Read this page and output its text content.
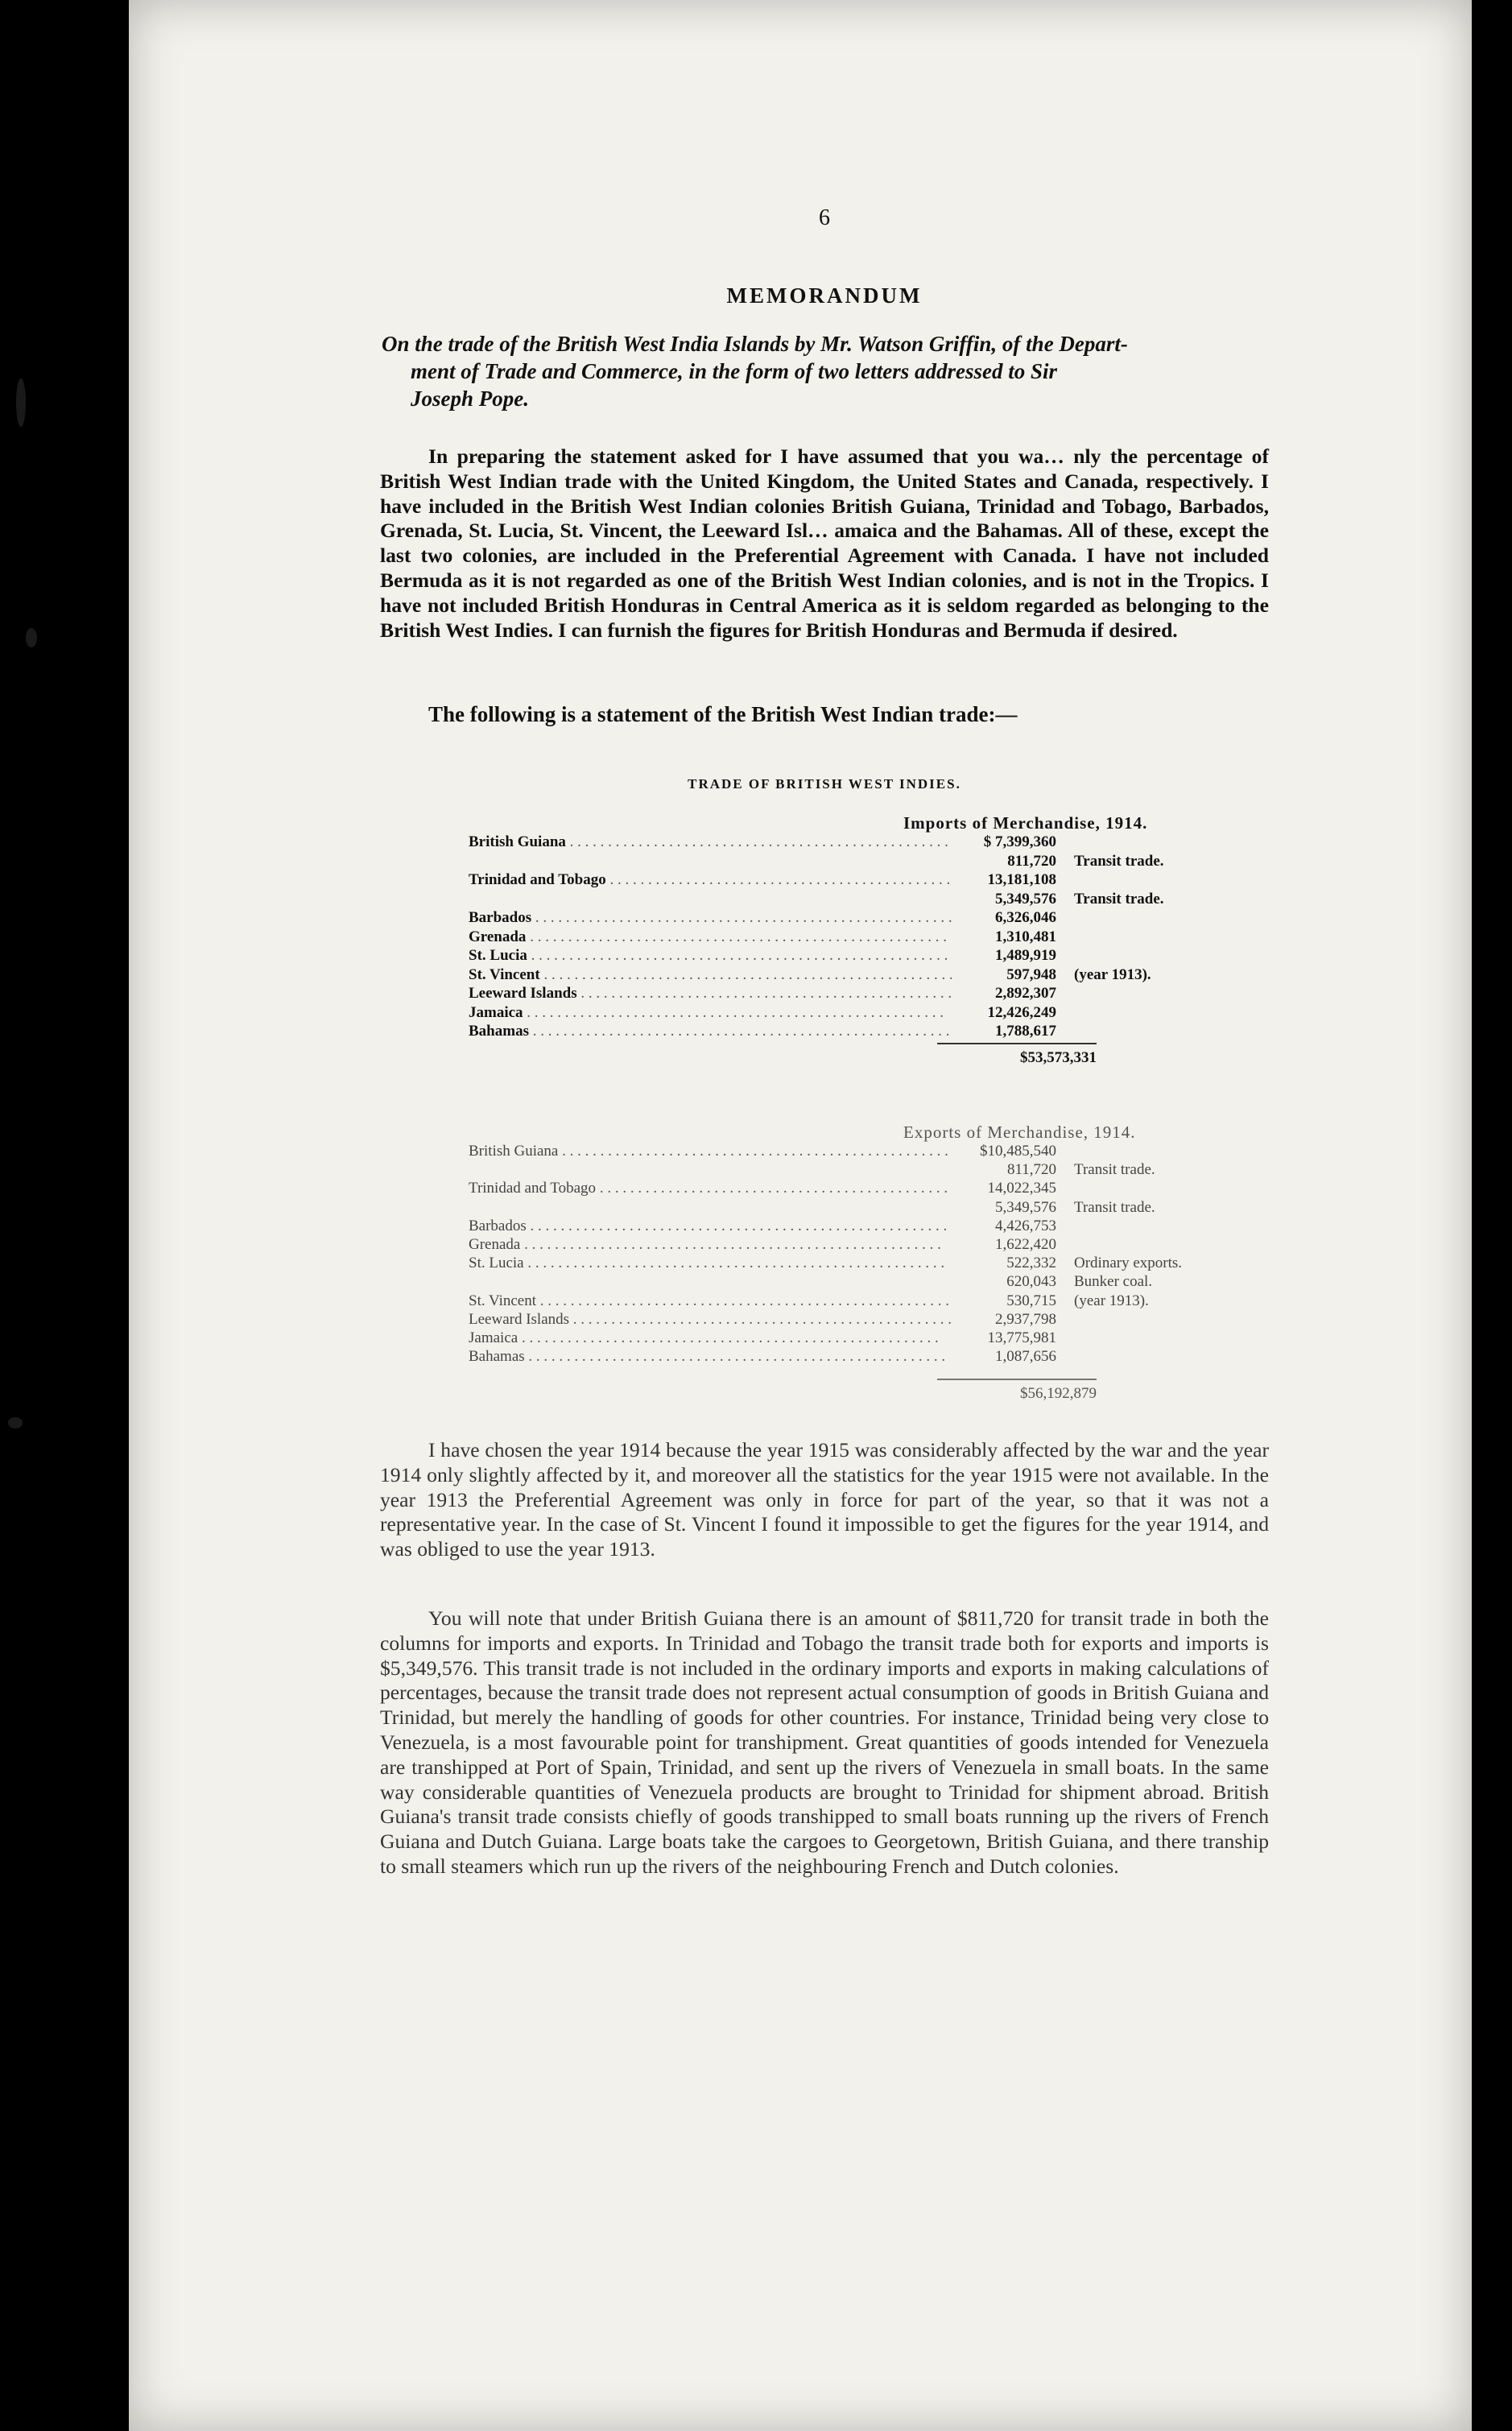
6
MEMORANDUM
On the trade of the British West India Islands by Mr. Watson Griffin, of the Depart-
ment of Trade and Commerce, in the form of two letters addressed to Sir
Joseph Pope.
In preparing the statement asked for I have assumed that you wa… nly the percentage of British West Indian trade with the United Kingdom, the United States and Canada, respectively. I have included in the British West Indian colonies British Guiana, Trinidad and Tobago, Barbados, Grenada, St. Lucia, St. Vincent, the Leeward Isl… amaica and the Bahamas. All of these, except the last two colonies, are included in the Preferential Agreement with Canada. I have not included Bermuda as it is not regarded as one of the British West Indian colonies, and is not in the Tropics. I have not included British Honduras in Central America as it is seldom regarded as belonging to the British West Indies. I can furnish the figures for British Honduras and Bermuda if desired.
The following is a statement of the British West Indian trade:—
TRADE OF BRITISH WEST INDIES.
Imports of Merchandise, 1914.
British Guiana . . .	$ 7,399,360
811,720 Transit trade.
Trinidad and Tobago . . .	13,181,108
5,349,576 Transit trade.
Barbados . . .	6,326,046
Grenada . . .	1,310,481
St. Lucia . . .	1,489,919
St. Vincent . . .	597,948 (year 1913).
Leeward Islands . . .	2,892,307
Jamaica . . .	12,426,249
Bahamas . . .	1,788,617
$53,573,331
Exports of Merchandise, 1914.
British Guiana . . .	$10,485,540
811,720 Transit trade.
Trinidad and Tobago . . .	14,022,345
5,349,576 Transit trade.
Barbados . . .	4,426,753
Grenada . . .	1,622,420
St. Lucia . . .	522,332 Ordinary exports.
620,043 Bunker coal.
St. Vincent . . .	530,715 (year 1913).
Leeward Islands . . .	2,937,798
Jamaica . . .	13,775,981
Bahamas . . .	1,087,656
$56,192,879
I have chosen the year 1914 because the year 1915 was considerably affected by the war and the year 1914 only slightly affected by it, and moreover all the statistics for the year 1915 were not available. In the year 1913 the Preferential Agreement was only in force for part of the year, so that it was not a representative year. In the case of St. Vincent I found it impossible to get the figures for the year 1914, and was obliged to use the year 1913.
You will note that under British Guiana there is an amount of $811,720 for transit trade in both the columns for imports and exports. In Trinidad and Tobago the transit trade both for exports and imports is $5,349,576. This transit trade is not included in the ordinary imports and exports in making calculations of percentages, because the transit trade does not represent actual consumption of goods in British Guiana and Trinidad, but merely the handling of goods for other countries. For instance, Trinidad being very close to Venezuela, is a most favourable point for transhipment. Great quantities of goods intended for Venezuela are transhipped at Port of Spain, Trinidad, and sent up the rivers of Venezuela in small boats. In the same way considerable quantities of Venezuela products are brought to Trinidad for shipment abroad. British Guiana's transit trade consists chiefly of goods transhipped to small boats running up the rivers of French Guiana and Dutch Guiana. Large boats take the cargoes to Georgetown, British Guiana, and there tranship to small steamers which run up the rivers of the neighbouring French and Dutch colonies.
